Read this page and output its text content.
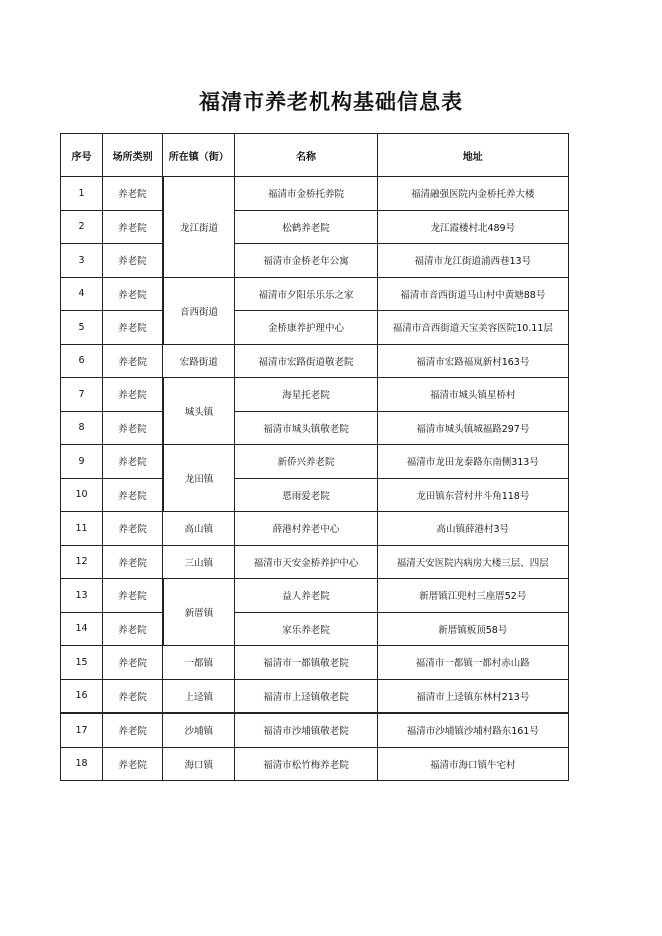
福清市养老机构基础信息表
序号	场所类别	所在镇（街）	名称	地址
1	养老院	龙江街道	福清市金桥托养院	福清融强医院内金桥托养大楼
2	养老院		松鹤养老院	龙江霞楼村北489号
3	养老院		福清市金桥老年公寓	福清市龙江街道浦西巷13号
4	养老院	音西街道	福清市夕阳乐乐乐之家	福清市音西街道马山村中黄塘88号
5	养老院		金桥康养护理中心	福清市音西街道天宝美容医院10.11层
6	养老院	宏路街道	福清市宏路街道敬老院	福清市宏路福岚新村163号
7	养老院	城头镇	海星托老院	福清市城头镇星桥村
8	养老院		福清市城头镇敬老院	福清市城头镇城福路297号
9	养老院	龙田镇	新侨兴养老院	福清市龙田龙泰路东南侧313号
10	养老院		恩雨爱老院	龙田镇东营村井斗角118号
11	养老院	高山镇	薛港村养老中心	高山镇薛港村3号
12	养老院	三山镇	福清市天安金桥养护中心	福清天安医院内病房大楼三层、四层
13	养老院	新厝镇	益人养老院	新厝镇江兜村三座厝52号
14	养老院		家乐养老院	新厝镇板顶58号
15	养老院	一都镇	福清市一都镇敬老院	福清市一都镇一都村赤山路
16	养老院	上迳镇	福清市上迳镇敬老院	福清市上迳镇东林村213号
17	养老院	沙埔镇	福清市沙埔镇敬老院	福清市沙埔镇沙埔村路东161号
18	养老院	海口镇	福清市松竹梅养老院	福清市海口镇牛宅村
